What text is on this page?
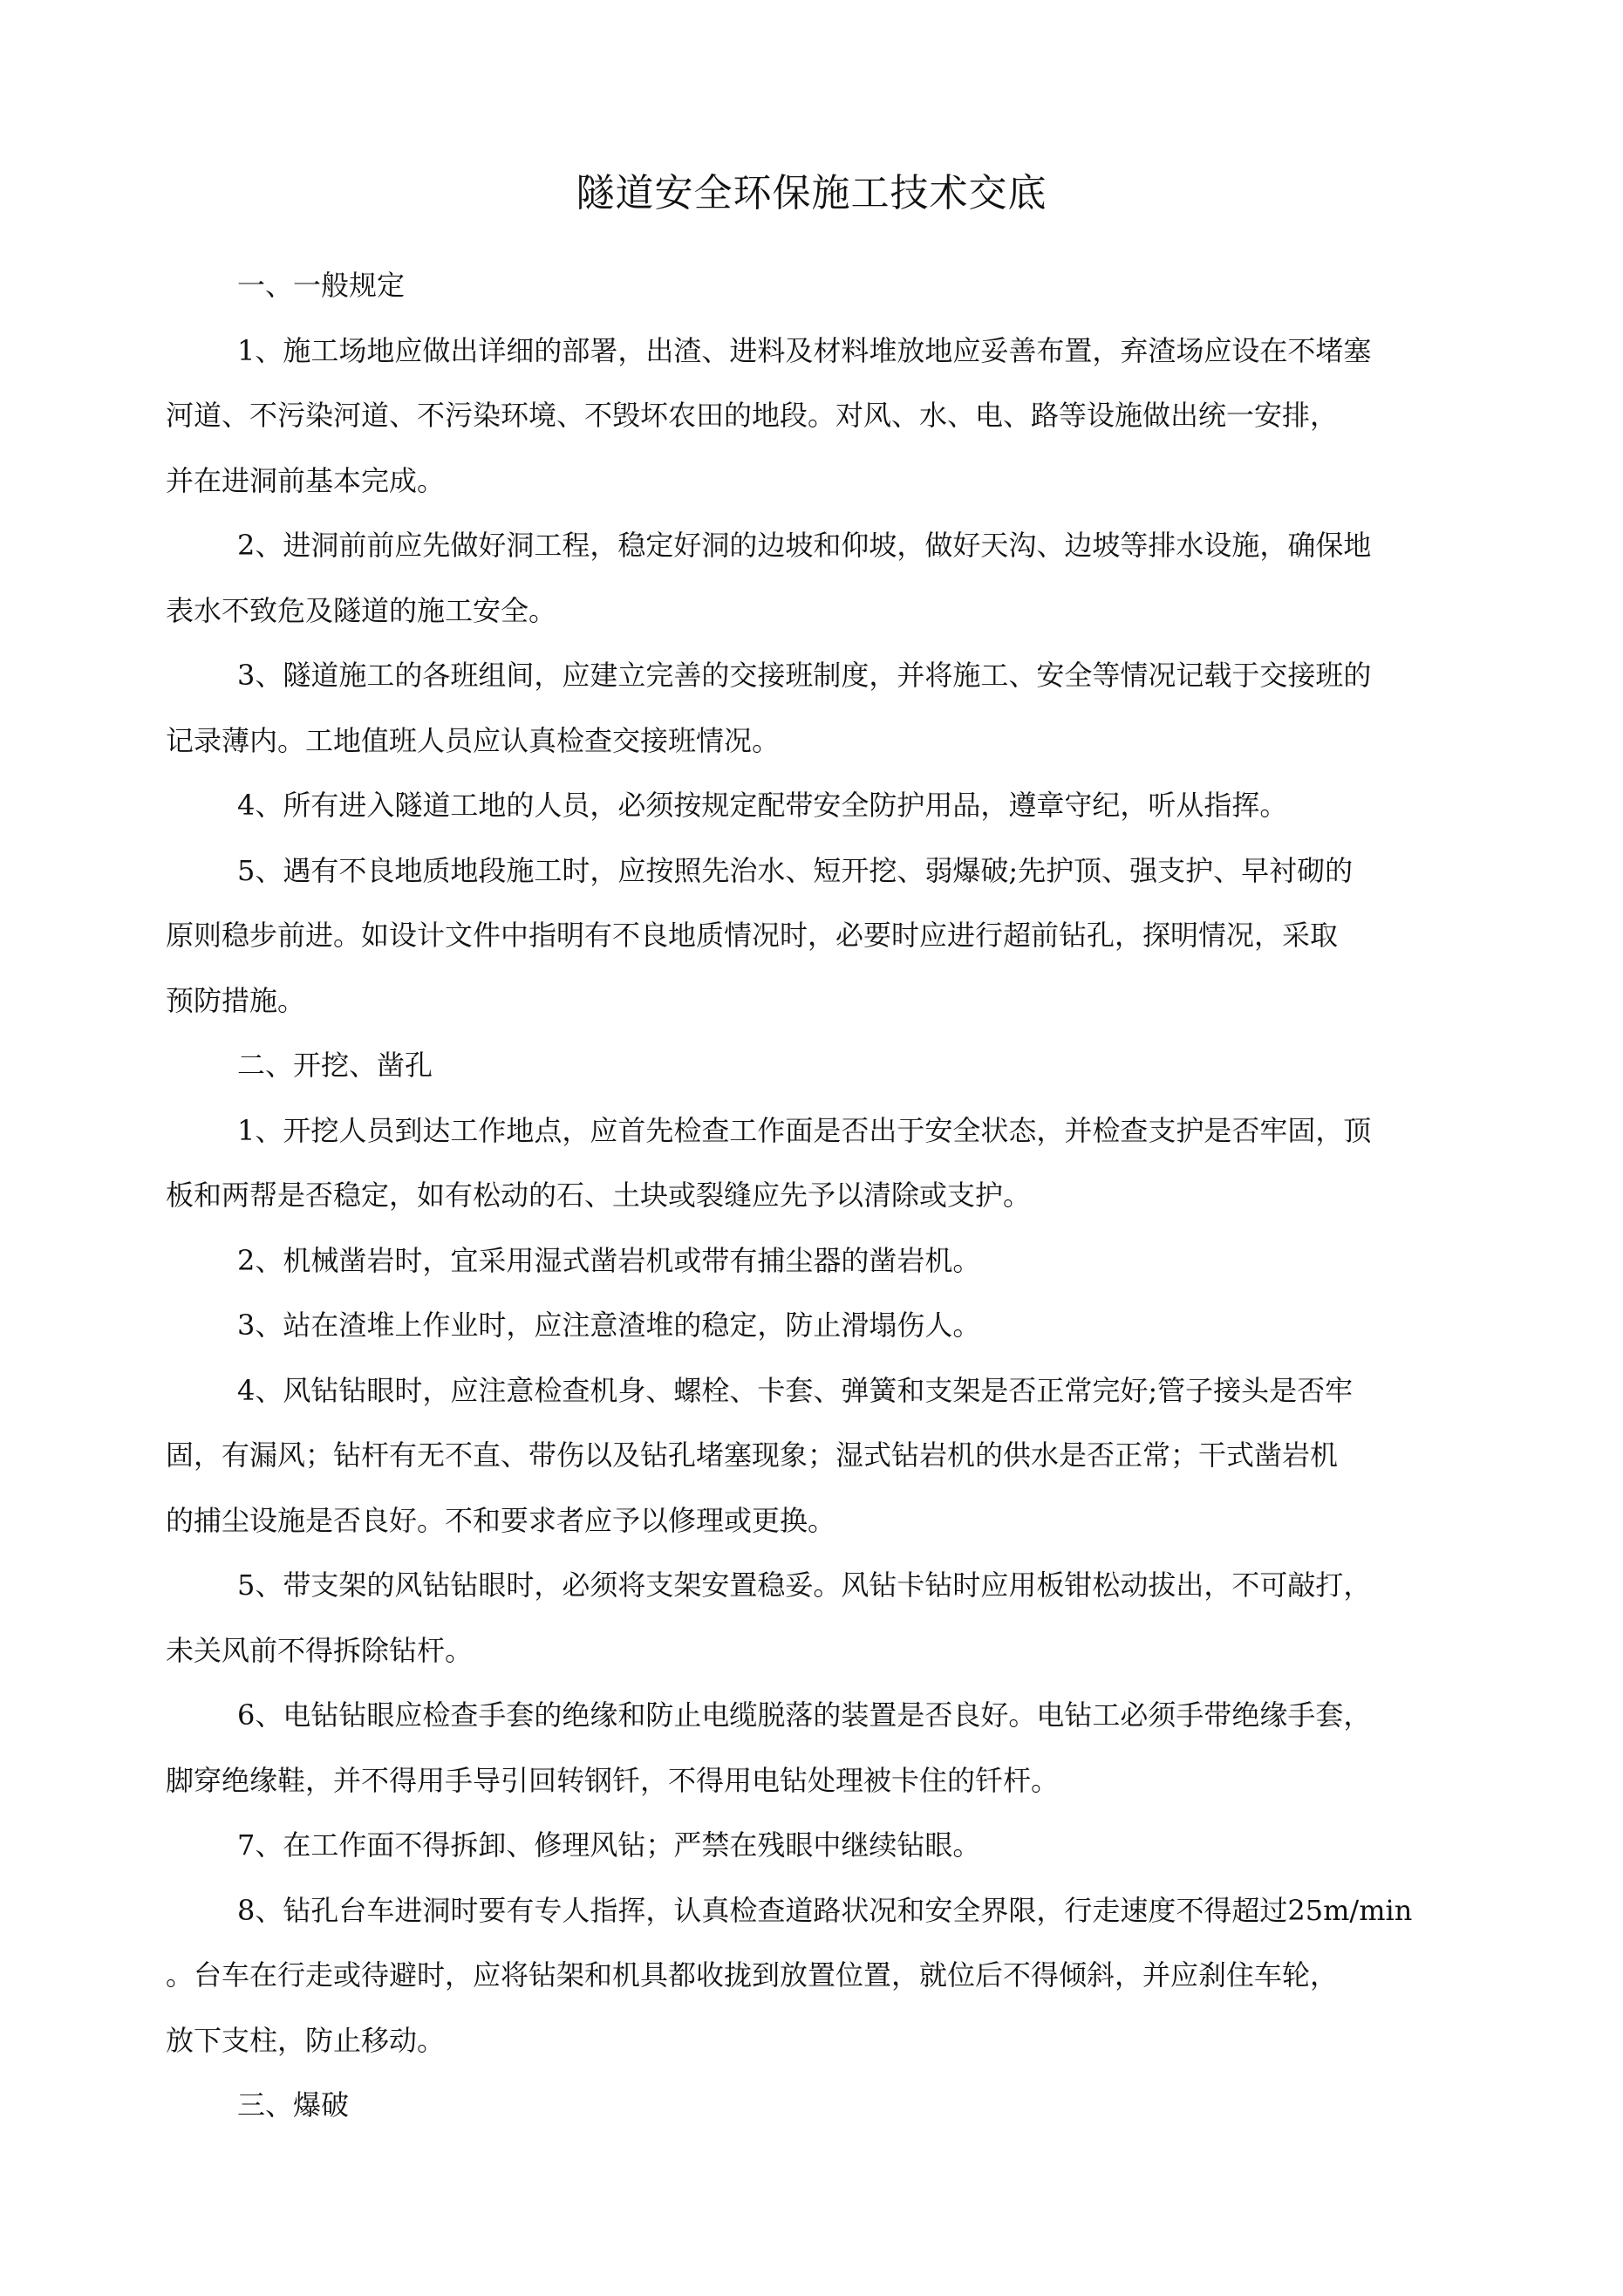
隧道安全环保施工技术交底

一、一般规定

1、施工场地应做出详细的部署，出渣、进料及材料堆放地应妥善布置，弃渣场应设在不堵塞
河道、不污染河道、不污染环境、不毁坏农田的地段。对风、水、电、路等设施做出统一安排，
并在进洞前基本完成。

2、进洞前前应先做好洞工程，稳定好洞的边坡和仰坡，做好天沟、边坡等排水设施，确保地
表水不致危及隧道的施工安全。

3、隧道施工的各班组间，应建立完善的交接班制度，并将施工、安全等情况记载于交接班的
记录薄内。工地值班人员应认真检查交接班情况。

4、所有进入隧道工地的人员，必须按规定配带安全防护用品，遵章守纪，听从指挥。

5、遇有不良地质地段施工时，应按照先治水、短开挖、弱爆破;先护顶、强支护、早衬砌的
原则稳步前进。如设计文件中指明有不良地质情况时，必要时应进行超前钻孔，探明情况，采取
预防措施。

二、开挖、凿孔

1、开挖人员到达工作地点，应首先检查工作面是否出于安全状态，并检查支护是否牢固，顶
板和两帮是否稳定，如有松动的石、土块或裂缝应先予以清除或支护。

2、机械凿岩时，宜采用湿式凿岩机或带有捕尘器的凿岩机。

3、站在渣堆上作业时，应注意渣堆的稳定，防止滑塌伤人。

4、风钻钻眼时，应注意检查机身、螺栓、卡套、弹簧和支架是否正常完好;管子接头是否牢
固，有漏风；钻杆有无不直、带伤以及钻孔堵塞现象；湿式钻岩机的供水是否正常；干式凿岩机
的捕尘设施是否良好。不和要求者应予以修理或更换。

5、带支架的风钻钻眼时，必须将支架安置稳妥。风钻卡钻时应用板钳松动拔出，不可敲打，
未关风前不得拆除钻杆。

6、电钻钻眼应检查手套的绝缘和防止电缆脱落的装置是否良好。电钻工必须手带绝缘手套，
脚穿绝缘鞋，并不得用手导引回转钢钎，不得用电钻处理被卡住的钎杆。

7、在工作面不得拆卸、修理风钻；严禁在残眼中继续钻眼。

8、钻孔台车进洞时要有专人指挥，认真检查道路状况和安全界限，行走速度不得超过25m/min
。台车在行走或待避时，应将钻架和机具都收拢到放置位置，就位后不得倾斜，并应刹住车轮，
放下支柱，防止移动。

三、爆破
